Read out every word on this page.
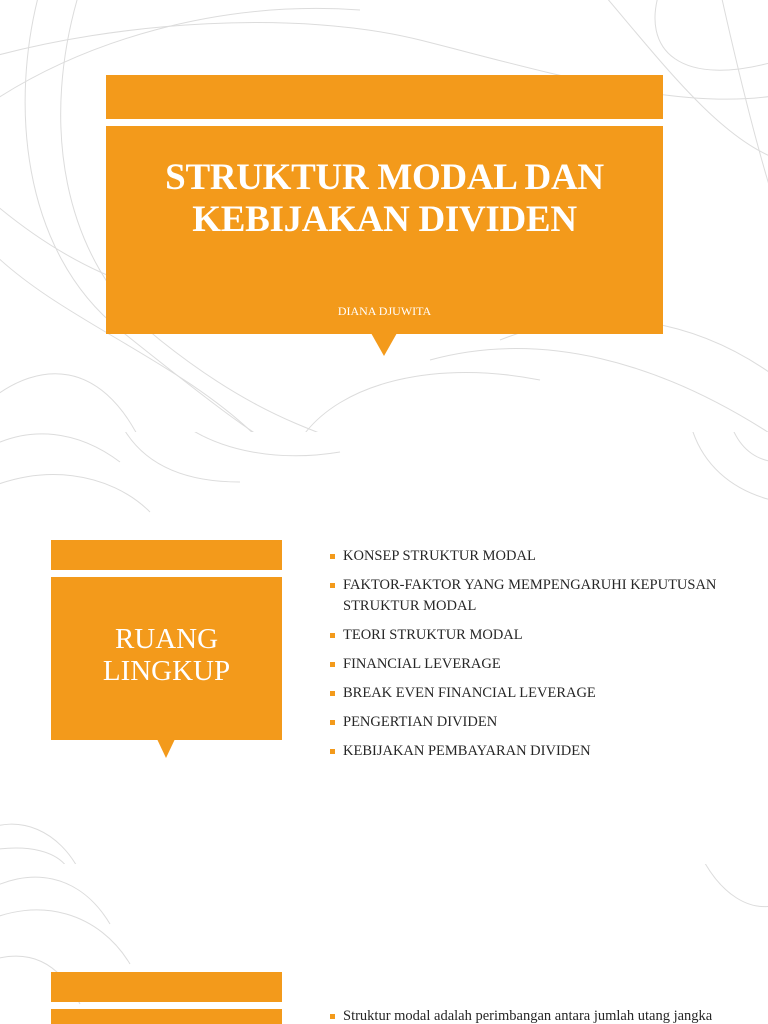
STRUKTUR MODAL DAN KEBIJAKAN DIVIDEN
DIANA DJUWITA
RUANG LINGKUP
KONSEP STRUKTUR MODAL
FAKTOR-FAKTOR YANG MEMPENGARUHI KEPUTUSAN STRUKTUR MODAL
TEORI STRUKTUR MODAL
FINANCIAL LEVERAGE
BREAK EVEN FINANCIAL LEVERAGE
PENGERTIAN DIVIDEN
KEBIJAKAN PEMBAYARAN DIVIDEN
Struktur modal adalah perimbangan antara jumlah utang jangka
